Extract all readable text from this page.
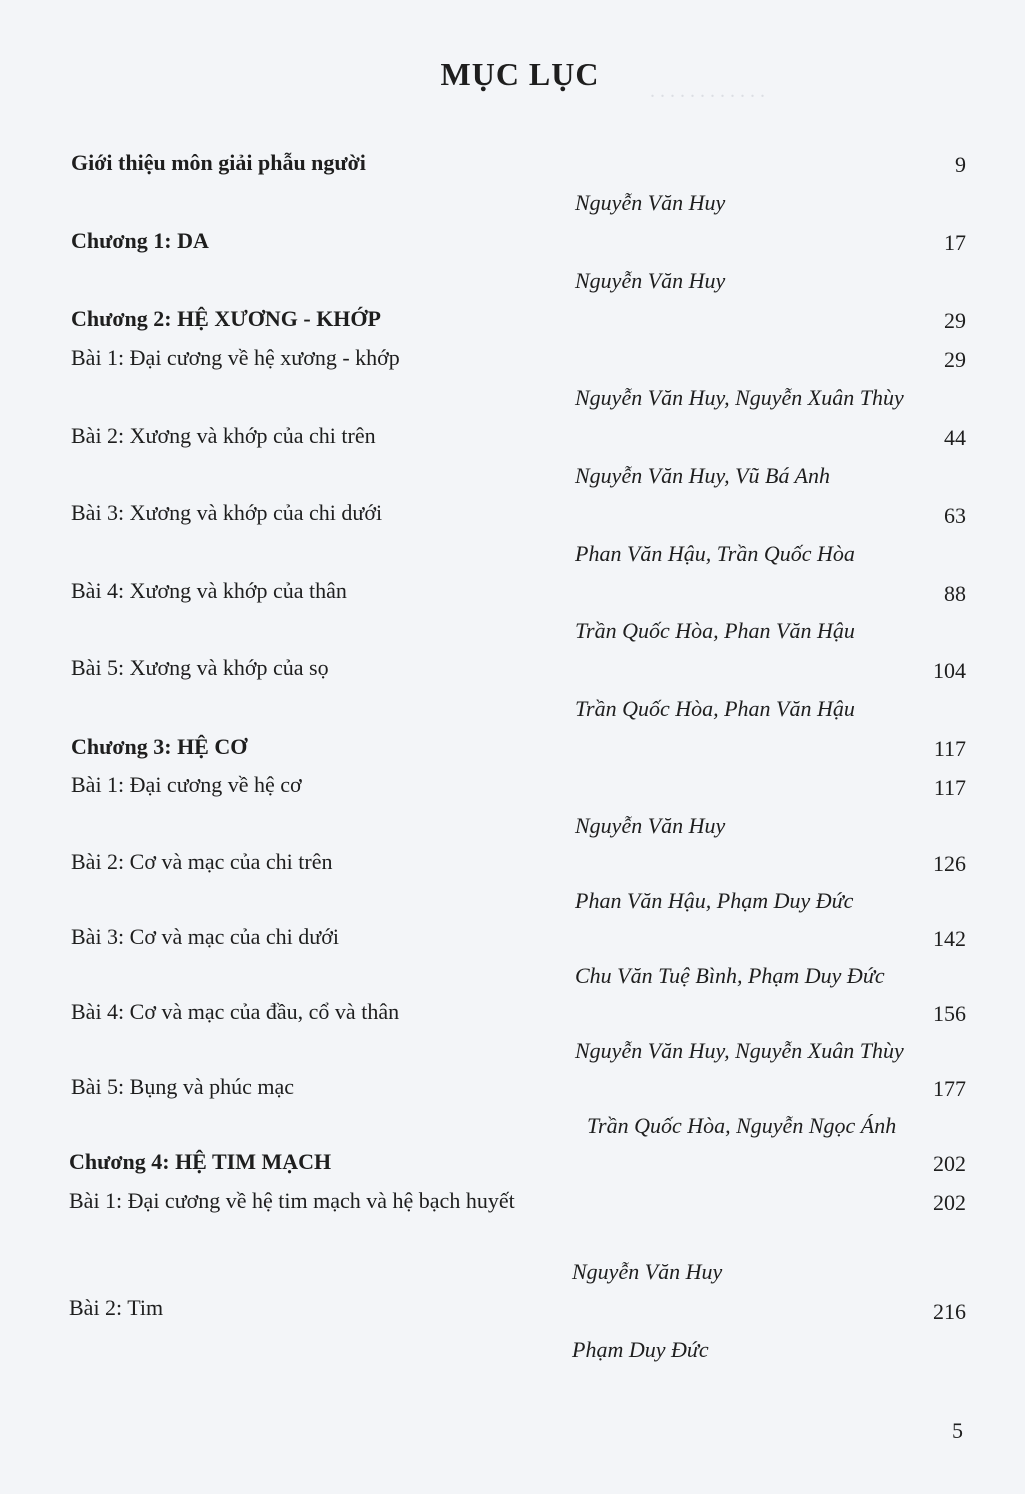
. . . . . . . . . . . .
MỤC LỤC
Giới thiệu môn giải phẫu người	9
Nguyễn Văn Huy
Chương 1: DA	17
Nguyễn Văn Huy
Chương 2: HỆ XƯƠNG - KHỚP	29
Bài 1: Đại cương về hệ xương - khớp	29
Nguyễn Văn Huy, Nguyễn Xuân Thùy
Bài 2: Xương và khớp của chi trên	44
Nguyễn Văn Huy, Vũ Bá Anh
Bài 3: Xương và khớp của chi dưới	63
Phan Văn Hậu, Trần Quốc Hòa
Bài 4: Xương và khớp của thân	88
Trần Quốc Hòa, Phan Văn Hậu
Bài 5: Xương và khớp của sọ	104
Trần Quốc Hòa, Phan Văn Hậu
Chương 3: HỆ CƠ	117
Bài 1: Đại cương về hệ cơ	117
Nguyễn Văn Huy
Bài 2: Cơ và mạc của chi trên	126
Phan Văn Hậu, Phạm Duy Đức
Bài 3: Cơ và mạc của chi dưới	142
Chu Văn Tuệ Bình, Phạm Duy Đức
Bài 4: Cơ và mạc của đầu, cổ và thân	156
Nguyễn Văn Huy, Nguyễn Xuân Thùy
Bài 5: Bụng và phúc mạc	177
Trần Quốc Hòa, Nguyễn Ngọc Ánh
Chương 4: HỆ TIM MẠCH	202
Bài 1: Đại cương về hệ tim mạch và hệ bạch huyết	202
Nguyễn Văn Huy
Bài 2: Tim	216
Phạm Duy Đức
5
